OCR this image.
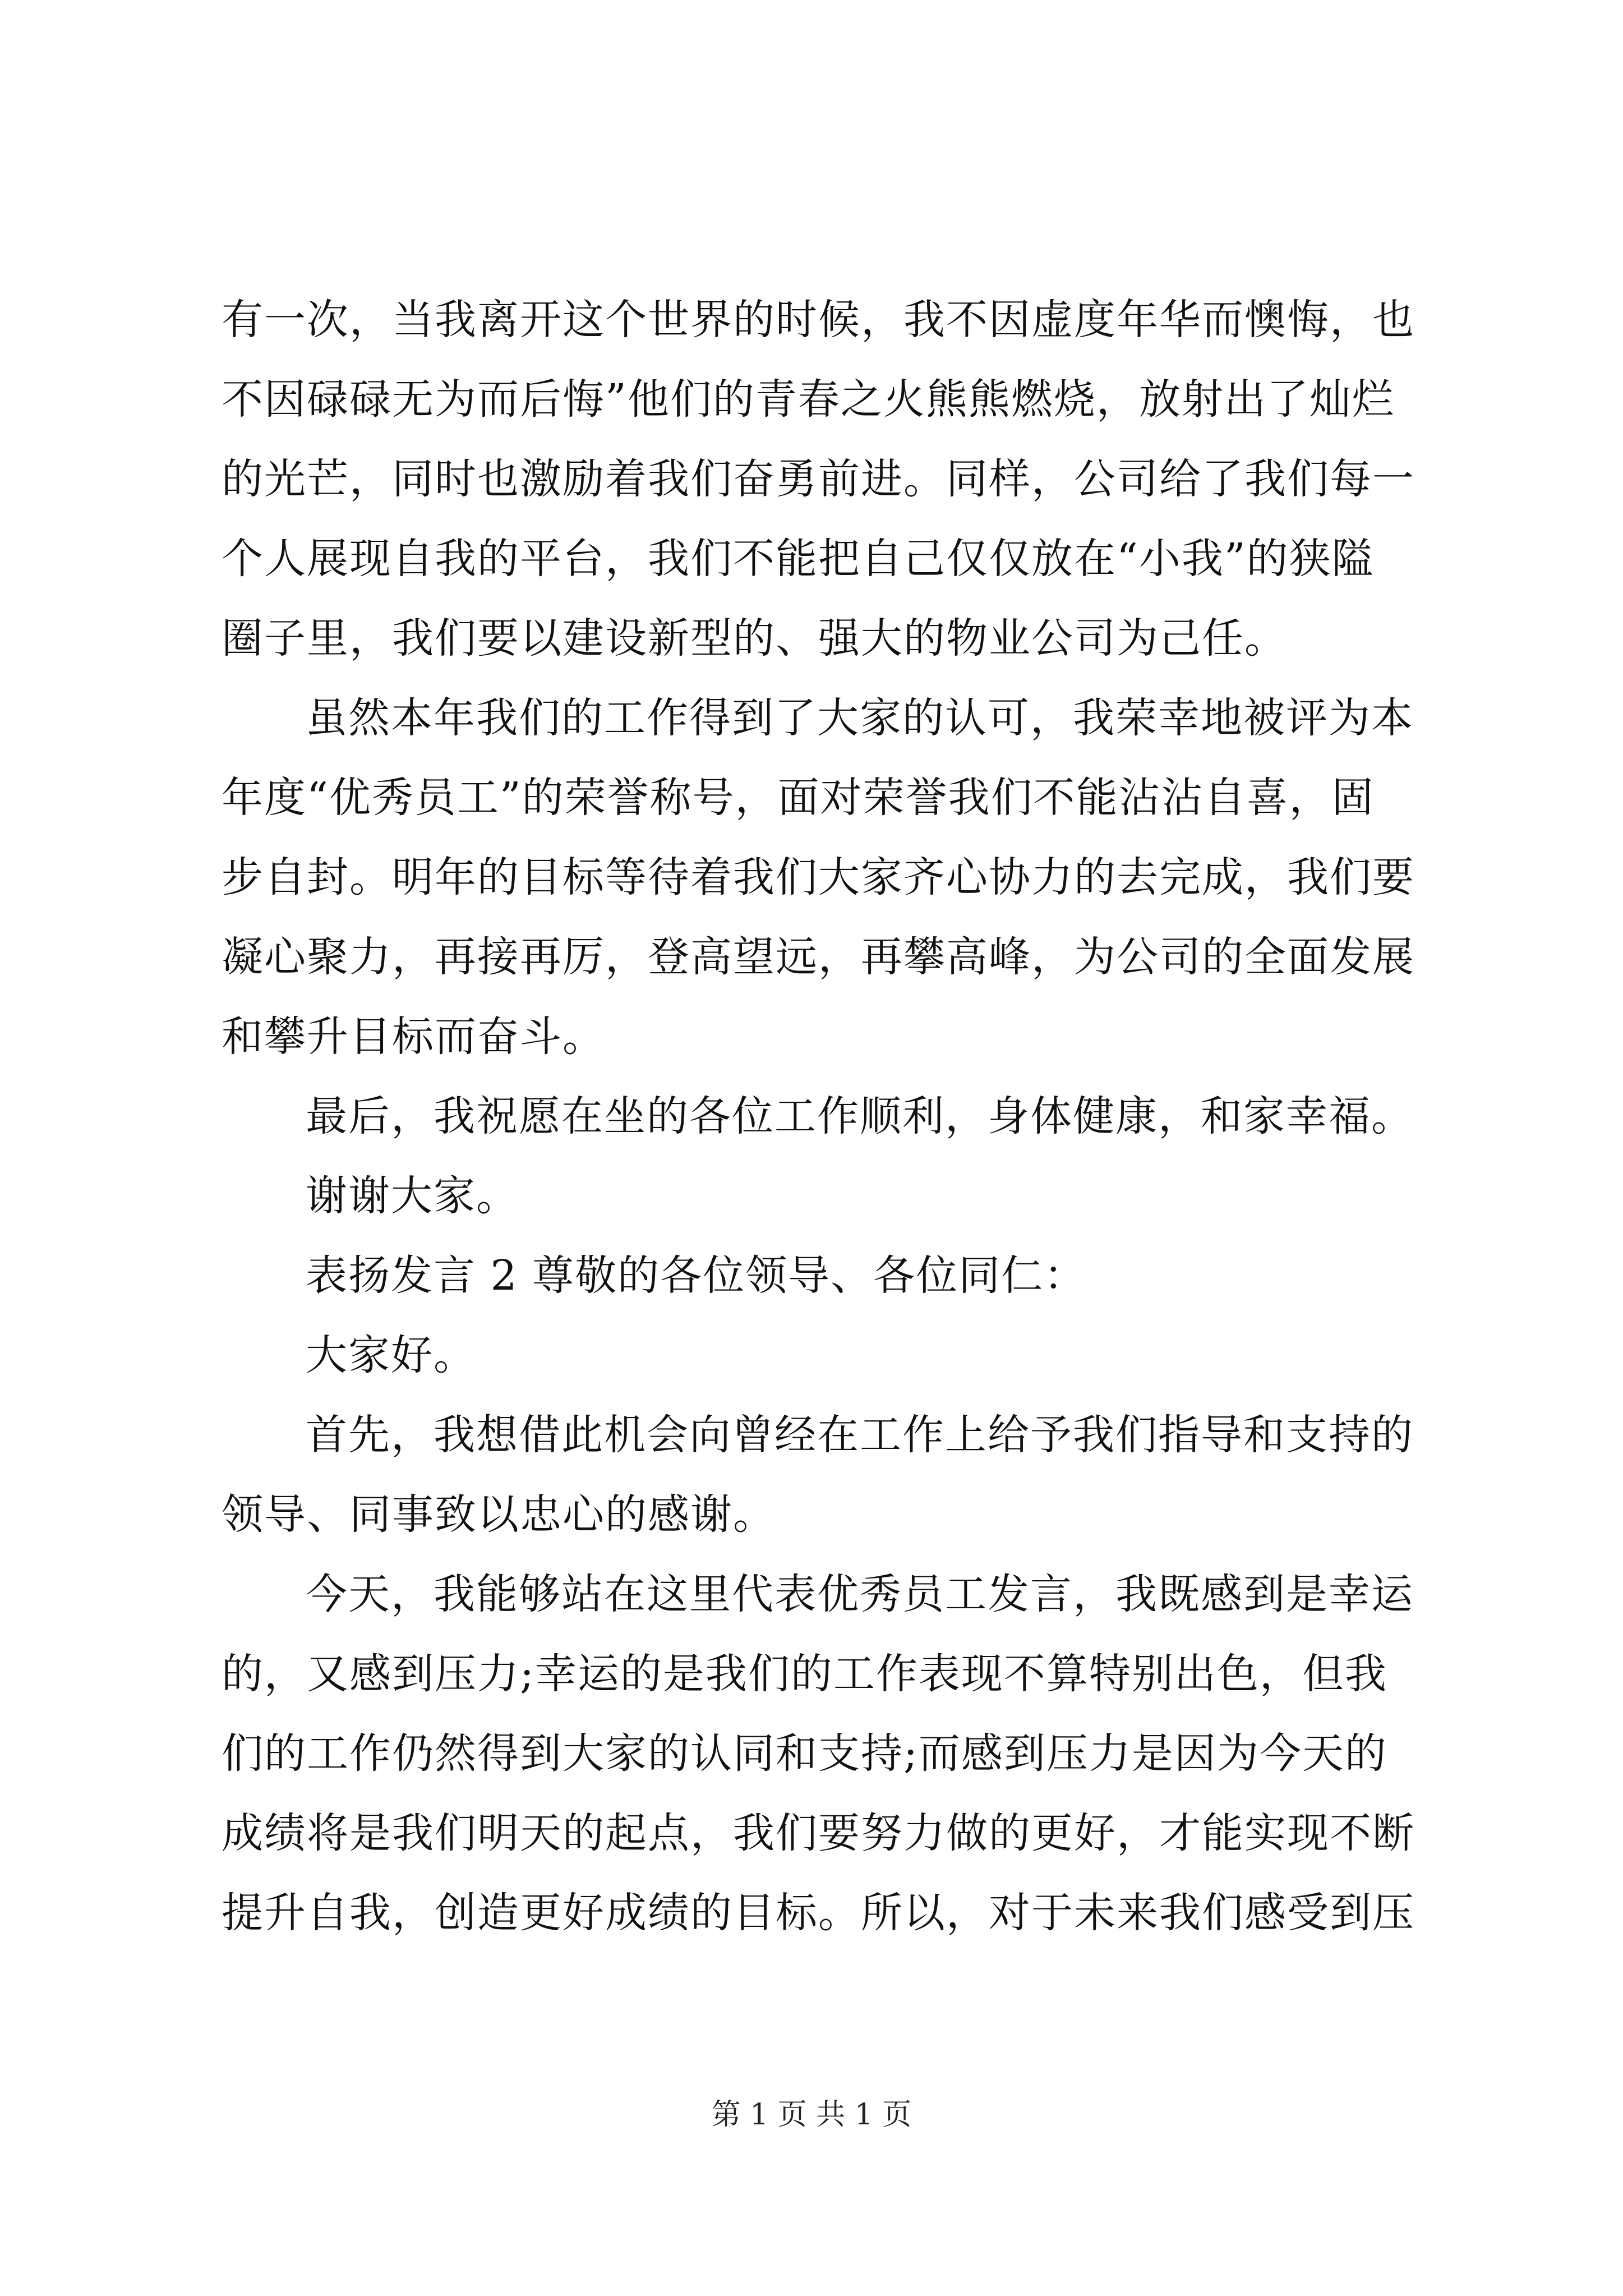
有一次，当我离开这个世界的时候，我不因虚度年华而懊悔，也
不因碌碌无为而后悔”他们的青春之火熊熊燃烧，放射出了灿烂
的光芒，同时也激励着我们奋勇前进。同样，公司给了我们每一
个人展现自我的平台，我们不能把自己仅仅放在“小我”的狭隘
圈子里，我们要以建设新型的、强大的物业公司为己任。
虽然本年我们的工作得到了大家的认可，我荣幸地被评为本
年度“优秀员工”的荣誉称号，面对荣誉我们不能沾沾自喜，固
步自封。明年的目标等待着我们大家齐心协力的去完成，我们要
凝心聚力，再接再厉，登高望远，再攀高峰，为公司的全面发展
和攀升目标而奋斗。
最后，我祝愿在坐的各位工作顺利，身体健康，和家幸福。
谢谢大家。
表扬发言 2 尊敬的各位领导、各位同仁：
大家好。
首先，我想借此机会向曾经在工作上给予我们指导和支持的
领导、同事致以忠心的感谢。
今天，我能够站在这里代表优秀员工发言，我既感到是幸运
的，又感到压力;幸运的是我们的工作表现不算特别出色，但我
们的工作仍然得到大家的认同和支持;而感到压力是因为今天的
成绩将是我们明天的起点，我们要努力做的更好，才能实现不断
提升自我，创造更好成绩的目标。所以，对于未来我们感受到压
第 1 页 共 1 页
